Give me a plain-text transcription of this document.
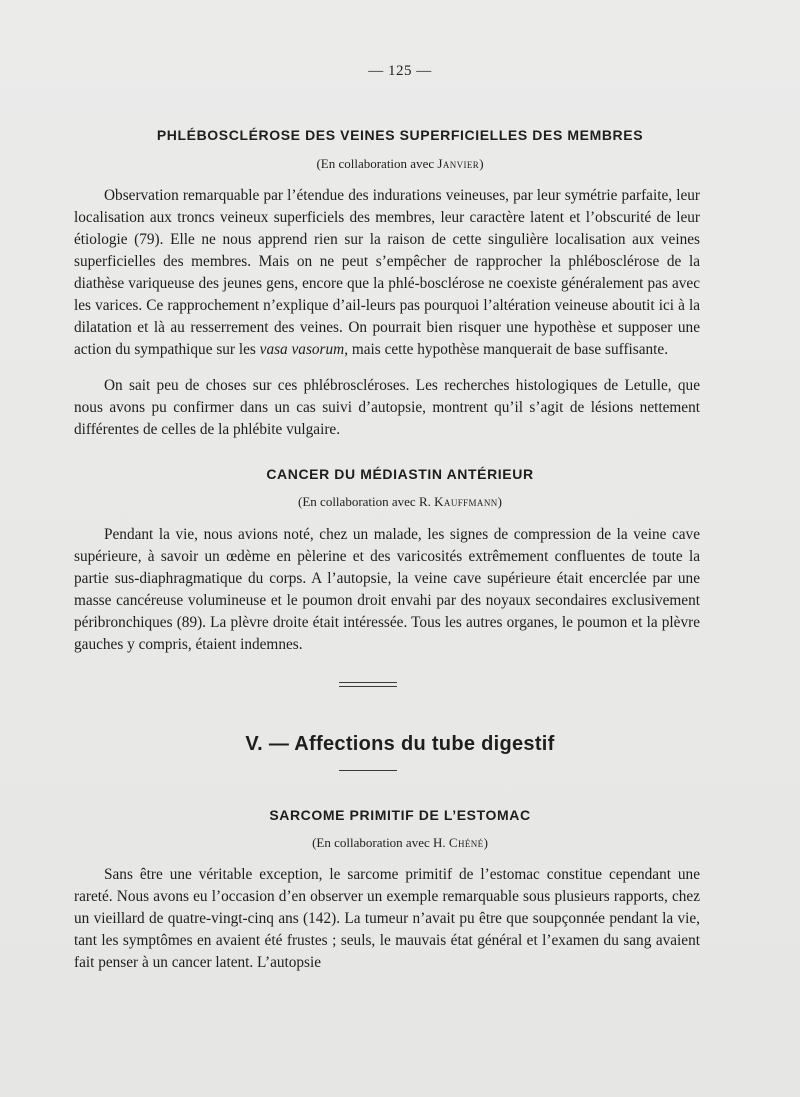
— 125 —
PHLÉBOSCLÉROSE DES VEINES SUPERFICIELLES DES MEMBRES
(En collaboration avec Janvier)

Observation remarquable par l’étendue des indurations veineuses, par leur symétrie parfaite, leur localisation aux troncs veineux superficiels des membres, leur caractère latent et l’obscurité de leur étiologie (79). Elle ne nous apprend rien sur la raison de cette singulière localisation aux veines superficielles des membres. Mais on ne peut s’empêcher de rapprocher la phlébosclérose de la diathèse variqueuse des jeunes gens, encore que la phlé-bosclérose ne coexiste généralement pas avec les varices. Ce rapprochement n’explique d’ail-leurs pas pourquoi l’altération veineuse aboutit ici à la dilatation et là au resserrement des veines. On pourrait bien risquer une hypothèse et supposer une action du sympathique sur les vasa vasorum, mais cette hypothèse manquerait de base suffisante.

On sait peu de choses sur ces phlébroscléroses. Les recherches histologiques de Letulle, que nous avons pu confirmer dans un cas suivi d’autopsie, montrent qu’il s’agit de lésions nettement différentes de celles de la phlébite vulgaire.

CANCER DU MÉDIASTIN ANTÉRIEUR
(En collaboration avec R. Kauffmann)

Pendant la vie, nous avions noté, chez un malade, les signes de compression de la veine cave supérieure, à savoir un œdème en pèlerine et des varicosités extrêmement confluentes de toute la partie sus-diaphragmatique du corps. A l’autopsie, la veine cave supérieure était encerclée par une masse cancéreuse volumineuse et le poumon droit envahi par des noyaux secondaires exclusivement péribronchiques (89). La plèvre droite était intéressée. Tous les autres organes, le poumon et la plèvre gauches y compris, étaient indemnes.

V. — Affections du tube digestif
SARCOME PRIMITIF DE L’ESTOMAC
(En collaboration avec H. Chéné)

Sans être une véritable exception, le sarcome primitif de l’estomac constitue cependant une rareté. Nous avons eu l’occasion d’en observer un exemple remarquable sous plusieurs rapports, chez un vieillard de quatre-vingt-cinq ans (142). La tumeur n’avait pu être que soupçonnée pendant la vie, tant les symptômes en avaient été frustes ; seuls, le mauvais état général et l’examen du sang avaient fait penser à un cancer latent. L’autopsie
